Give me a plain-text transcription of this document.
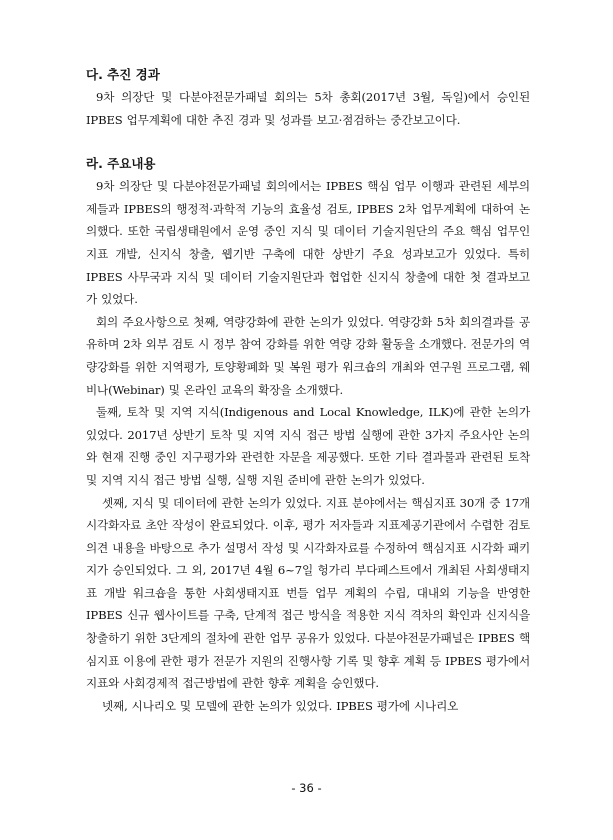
다. 추진 경과

9차 의장단 및 다분야전문가패널 회의는 5차 총회(2017년 3월, 독일)에서 승인된 IPBES 업무계획에 대한 추진 경과 및 성과를 보고·점검하는 중간보고이다.

라. 주요내용

9차 의장단 및 다분야전문가패널 회의에서는 IPBES 핵심 업무 이행과 관련된 세부의제들과 IPBES의 행정적·과학적 기능의 효율성 검토, IPBES 2차 업무계획에 대하여 논의했다. 또한 국립생태원에서 운영 중인 지식 및 데이터 기술지원단의 주요 핵심 업무인 지표 개발, 신지식 창출, 웹기반 구축에 대한 상반기 주요 성과보고가 있었다. 특히 IPBES 사무국과 지식 및 데이터 기술지원단과 협업한 신지식 창출에 대한 첫 결과보고가 있었다.

회의 주요사항으로 첫째, 역량강화에 관한 논의가 있었다. 역량강화 5차 회의결과를 공유하며 2차 외부 검토 시 정부 참여 강화를 위한 역량 강화 활동을 소개했다. 전문가의 역량강화를 위한 지역평가, 토양황폐화 및 복원 평가 워크숍의 개최와 연구원 프로그램, 웨비나(Webinar) 및 온라인 교육의 확장을 소개했다.

둘째, 토착 및 지역 지식(Indigenous and Local Knowledge, ILK)에 관한 논의가 있었다. 2017년 상반기 토착 및 지역 지식 접근 방법 실행에 관한 3가지 주요사안 논의와 현재 진행 중인 지구평가와 관련한 자문을 제공했다. 또한 기타 결과물과 관련된 토착 및 지역 지식 접근 방법 실행, 실행 지원 준비에 관한 논의가 있었다.

셋째, 지식 및 데이터에 관한 논의가 있었다. 지표 분야에서는 핵심지표 30개 중 17개 시각화자료 초안 작성이 완료되었다. 이후, 평가 저자들과 지표제공기관에서 수렴한 검토의견 내용을 바탕으로 추가 설명서 작성 및 시각화자료를 수정하여 핵심지표 시각화 패키지가 승인되었다. 그 외, 2017년 4월 6~7일 헝가리 부다페스트에서 개최된 사회생태지표 개발 워크숍을 통한 사회생태지표 번들 업무 계획의 수립, 대내외 기능을 반영한 IPBES 신규 웹사이트를 구축, 단계적 접근 방식을 적용한 지식 격차의 확인과 신지식을 창출하기 위한 3단계의 절차에 관한 업무 공유가 있었다. 다분야전문가패널은 IPBES 핵심지표 이용에 관한 평가 전문가 지원의 진행사항 기록 및 향후 계획 등 IPBES 평가에서 지표와 사회경제적 접근방법에 관한 향후 계획을 승인했다.

넷째, 시나리오 및 모델에 관한 논의가 있었다. IPBES 평가에 시나리오

- 36 -
